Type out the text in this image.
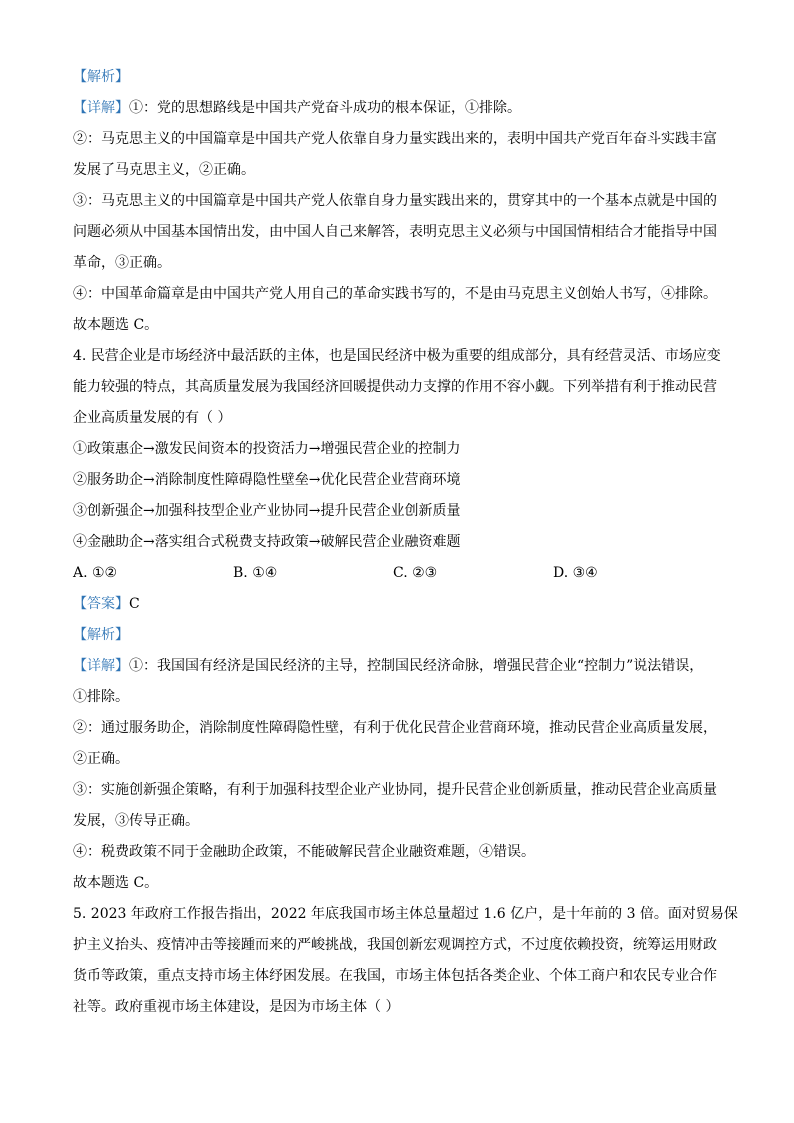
【解析】
【详解】①：党的思想路线是中国共产党奋斗成功的根本保证，①排除。
②：马克思主义的中国篇章是中国共产党人依靠自身力量实践出来的，表明中国共产党百年奋斗实践丰富
发展了马克思主义，②正确。
③：马克思主义的中国篇章是中国共产党人依靠自身力量实践出来的，贯穿其中的一个基本点就是中国的
问题必须从中国基本国情出发，由中国人自己来解答，表明克思主义必须与中国国情相结合才能指导中国
革命，③正确。
④：中国革命篇章是由中国共产党人用自己的革命实践书写的，不是由马克思主义创始人书写，④排除。
故本题选 C。
4. 民营企业是市场经济中最活跃的主体，也是国民经济中极为重要的组成部分，具有经营灵活、市场应变
能力较强的特点，其高质量发展为我国经济回暖提供动力支撑的作用不容小觑。下列举措有利于推动民营
企业高质量发展的有（ ）
①政策惠企→激发民间资本的投资活力→增强民营企业的控制力
②服务助企→消除制度性障碍隐性壁垒→优化民营企业营商环境
③创新强企→加强科技型企业产业协同→提升民营企业创新质量
④金融助企→落实组合式税费支持政策→破解民营企业融资难题
A. ①②	B. ①④	C. ②③	D. ③④
【答案】C
【解析】
【详解】①：我国国有经济是国民经济的主导，控制国民经济命脉，增强民营企业“控制力”说法错误，
①排除。
②：通过服务助企，消除制度性障碍隐性壁，有利于优化民营企业营商环境，推动民营企业高质量发展，
②正确。
③：实施创新强企策略，有利于加强科技型企业产业协同，提升民营企业创新质量，推动民营企业高质量
发展，③传导正确。
④：税费政策不同于金融助企政策，不能破解民营企业融资难题，④错误。
故本题选 C。
5. 2023 年政府工作报告指出，2022 年底我国市场主体总量超过 1.6 亿户，是十年前的 3 倍。面对贸易保
护主义抬头、疫情冲击等接踵而来的严峻挑战，我国创新宏观调控方式，不过度依赖投资，统筹运用财政
货币等政策，重点支持市场主体纾困发展。在我国，市场主体包括各类企业、个体工商户和农民专业合作
社等。政府重视市场主体建设，是因为市场主体（ ）
